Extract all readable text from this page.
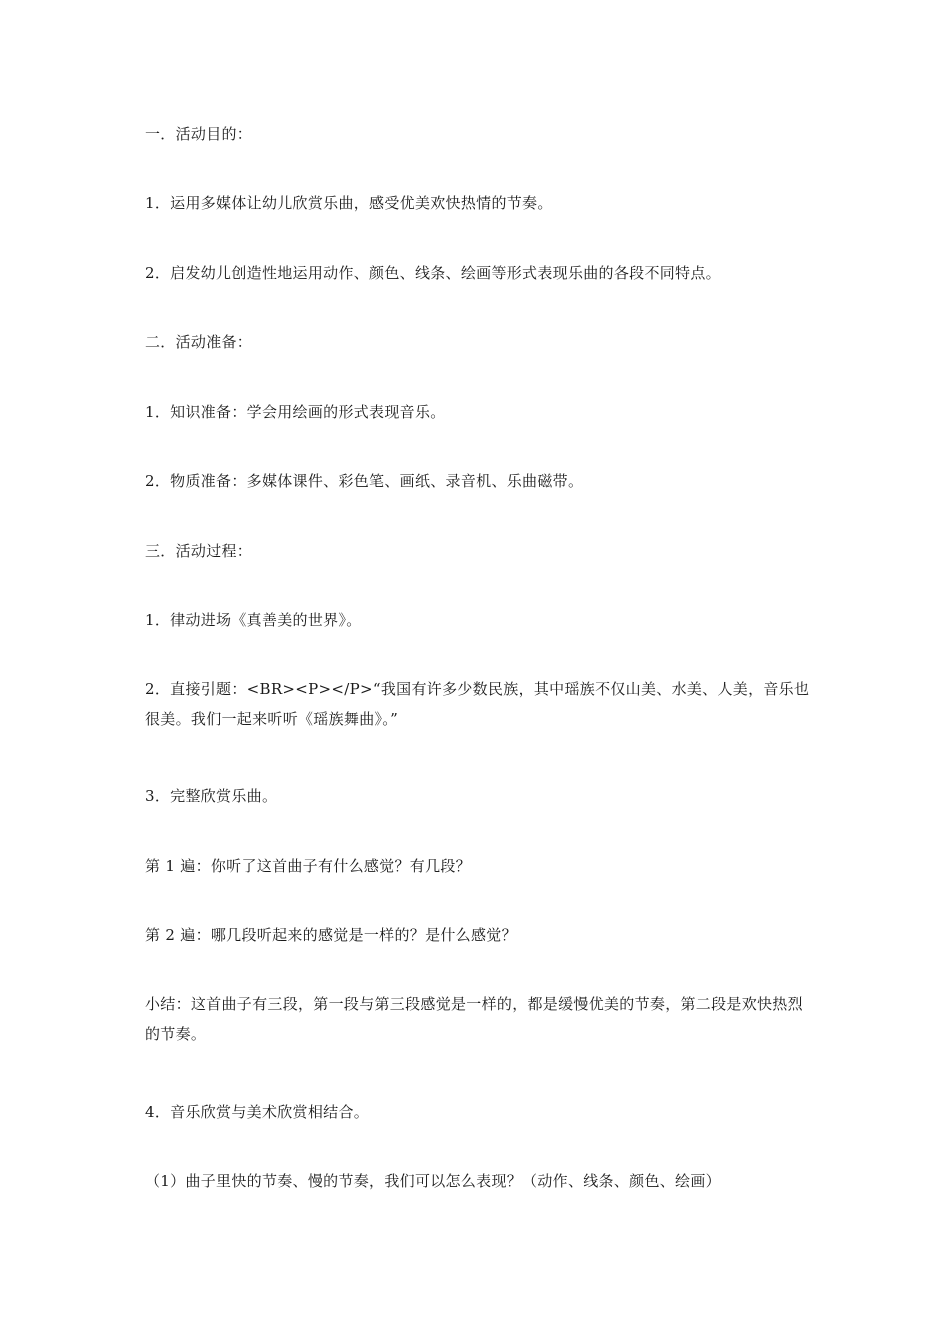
一．活动目的：
1．运用多媒体让幼儿欣赏乐曲，感受优美欢快热情的节奏。
2．启发幼儿创造性地运用动作、颜色、线条、绘画等形式表现乐曲的各段不同特点。
二．活动准备：
1．知识准备：学会用绘画的形式表现音乐。
2．物质准备：多媒体课件、彩色笔、画纸、录音机、乐曲磁带。
三．活动过程：
1．律动进场《真善美的世界》。
2．直接引题：<BR><P></P>“我国有许多少数民族，其中瑶族不仅山美、水美、人美，音乐也很美。我们一起来听听《瑶族舞曲》。”
3．完整欣赏乐曲。
第 1 遍：你听了这首曲子有什么感觉？有几段？
第 2 遍：哪几段听起来的感觉是一样的？是什么感觉？
小结：这首曲子有三段，第一段与第三段感觉是一样的，都是缓慢优美的节奏，第二段是欢快热烈的节奏。
4．音乐欣赏与美术欣赏相结合。
（1）曲子里快的节奏、慢的节奏，我们可以怎么表现？（动作、线条、颜色、绘画）
